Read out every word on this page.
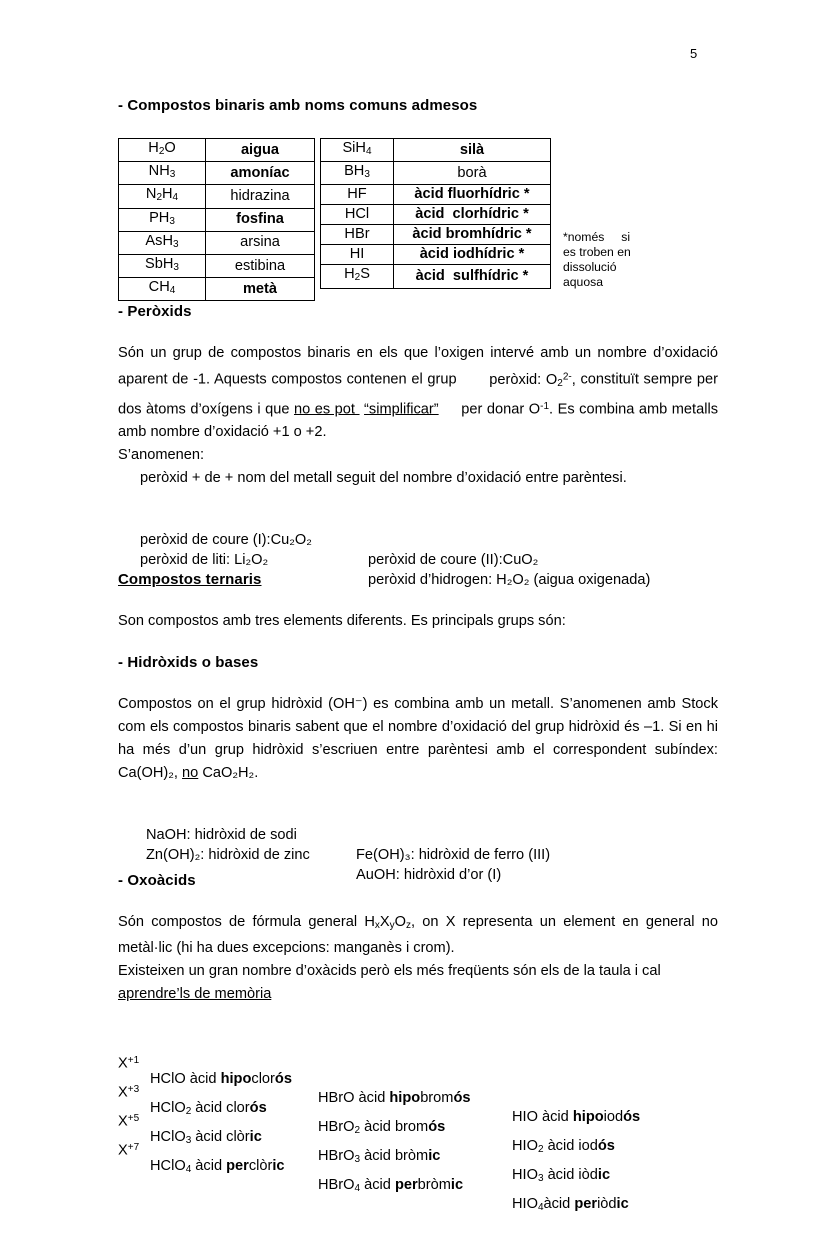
5
- Compostos binaris amb noms comuns admesos
$H_2O$	aigua
$NH_3$	amoníac
$N_2H_4$	hidrazina
$PH_3$	fosfina
AsH$_3$	arsina
SbH$_3$	estibina
$CH_4$	metà
SiH$_4$	silà
$BH_3$	borà
HF	àcid fluorhídric *
HCl	àcid  clorhídric *
HBr	àcid bromhídric *
HI	àcid iodhídric *
$H_2S$	àcid  sulfhídric *
*només     si
es troben en
dissolució
aquosa
- Peròxids

Són un grup de compostos binaris en els que l’oxigen intervé amb un nombre d’oxidació aparent de -1. Aquests compostos contenen el grup       peròxid: $O_2^{2-}$, constituït sempre per dos àtoms d’oxígens i que no es pot  “simplificar”     per donar $O^{-1}$. Es combina amb metalls amb nombre d’oxidació +1 o +2.

S’anomenen:

peròxid + de + nom del metall seguit del nombre d’oxidació entre parèntesi.

peròxid de coure (I):Cu₂O₂

peròxid de coure (II):CuO₂

peròxid de liti: Li₂O₂

peròxid d’hidrogen: H₂O₂ (aigua oxigenada)

Compostos ternaris

Son compostos amb tres elements diferents. Es principals grups són:

- Hidròxids o bases

Compostos on el grup hidròxid (OH⁻) es combina amb un metall. S’anomenen amb Stock com els compostos binaris sabent que el nombre d’oxidació del grup hidròxid és –1. Si en hi ha més d’un grup hidròxid s’escriuen entre parèntesi amb el correspondent subíndex: Ca(OH)₂, no CaO₂H₂.

NaOH: hidròxid de sodi

Fe(OH)₃: hidròxid de ferro (III)

Zn(OH)₂: hidròxid de zinc

AuOH: hidròxid d’or (I)

- Oxoàcids

Són compostos de fórmula general $H_xX_yO_z$, on X representa un element en general no metàl·lic (hi ha dues excepcions: manganès i crom).

Existeixen un gran nombre d’oxàcids però els més freqüents són els de la taula i cal aprendre’ls de memòria

$X^{+1}$

HClO àcid hipoclorós

HBrO àcid hipobromós

HIO àcid hipoiodós

$X^{+3}$

HClO$_2$ àcid clorós

HBrO$_2$ àcid bromós

$HIO_2$ àcid iodós

$X^{+5}$

HClO$_3$ àcid clòric

HBrO$_3$ àcid bròmic

$HIO_3$ àcid iòdic

$X^{+7}$

HClO$_4$ àcid perclòric

HBrO$_4$ àcid perbròmic

$HIO_4àcid$ periòdic
